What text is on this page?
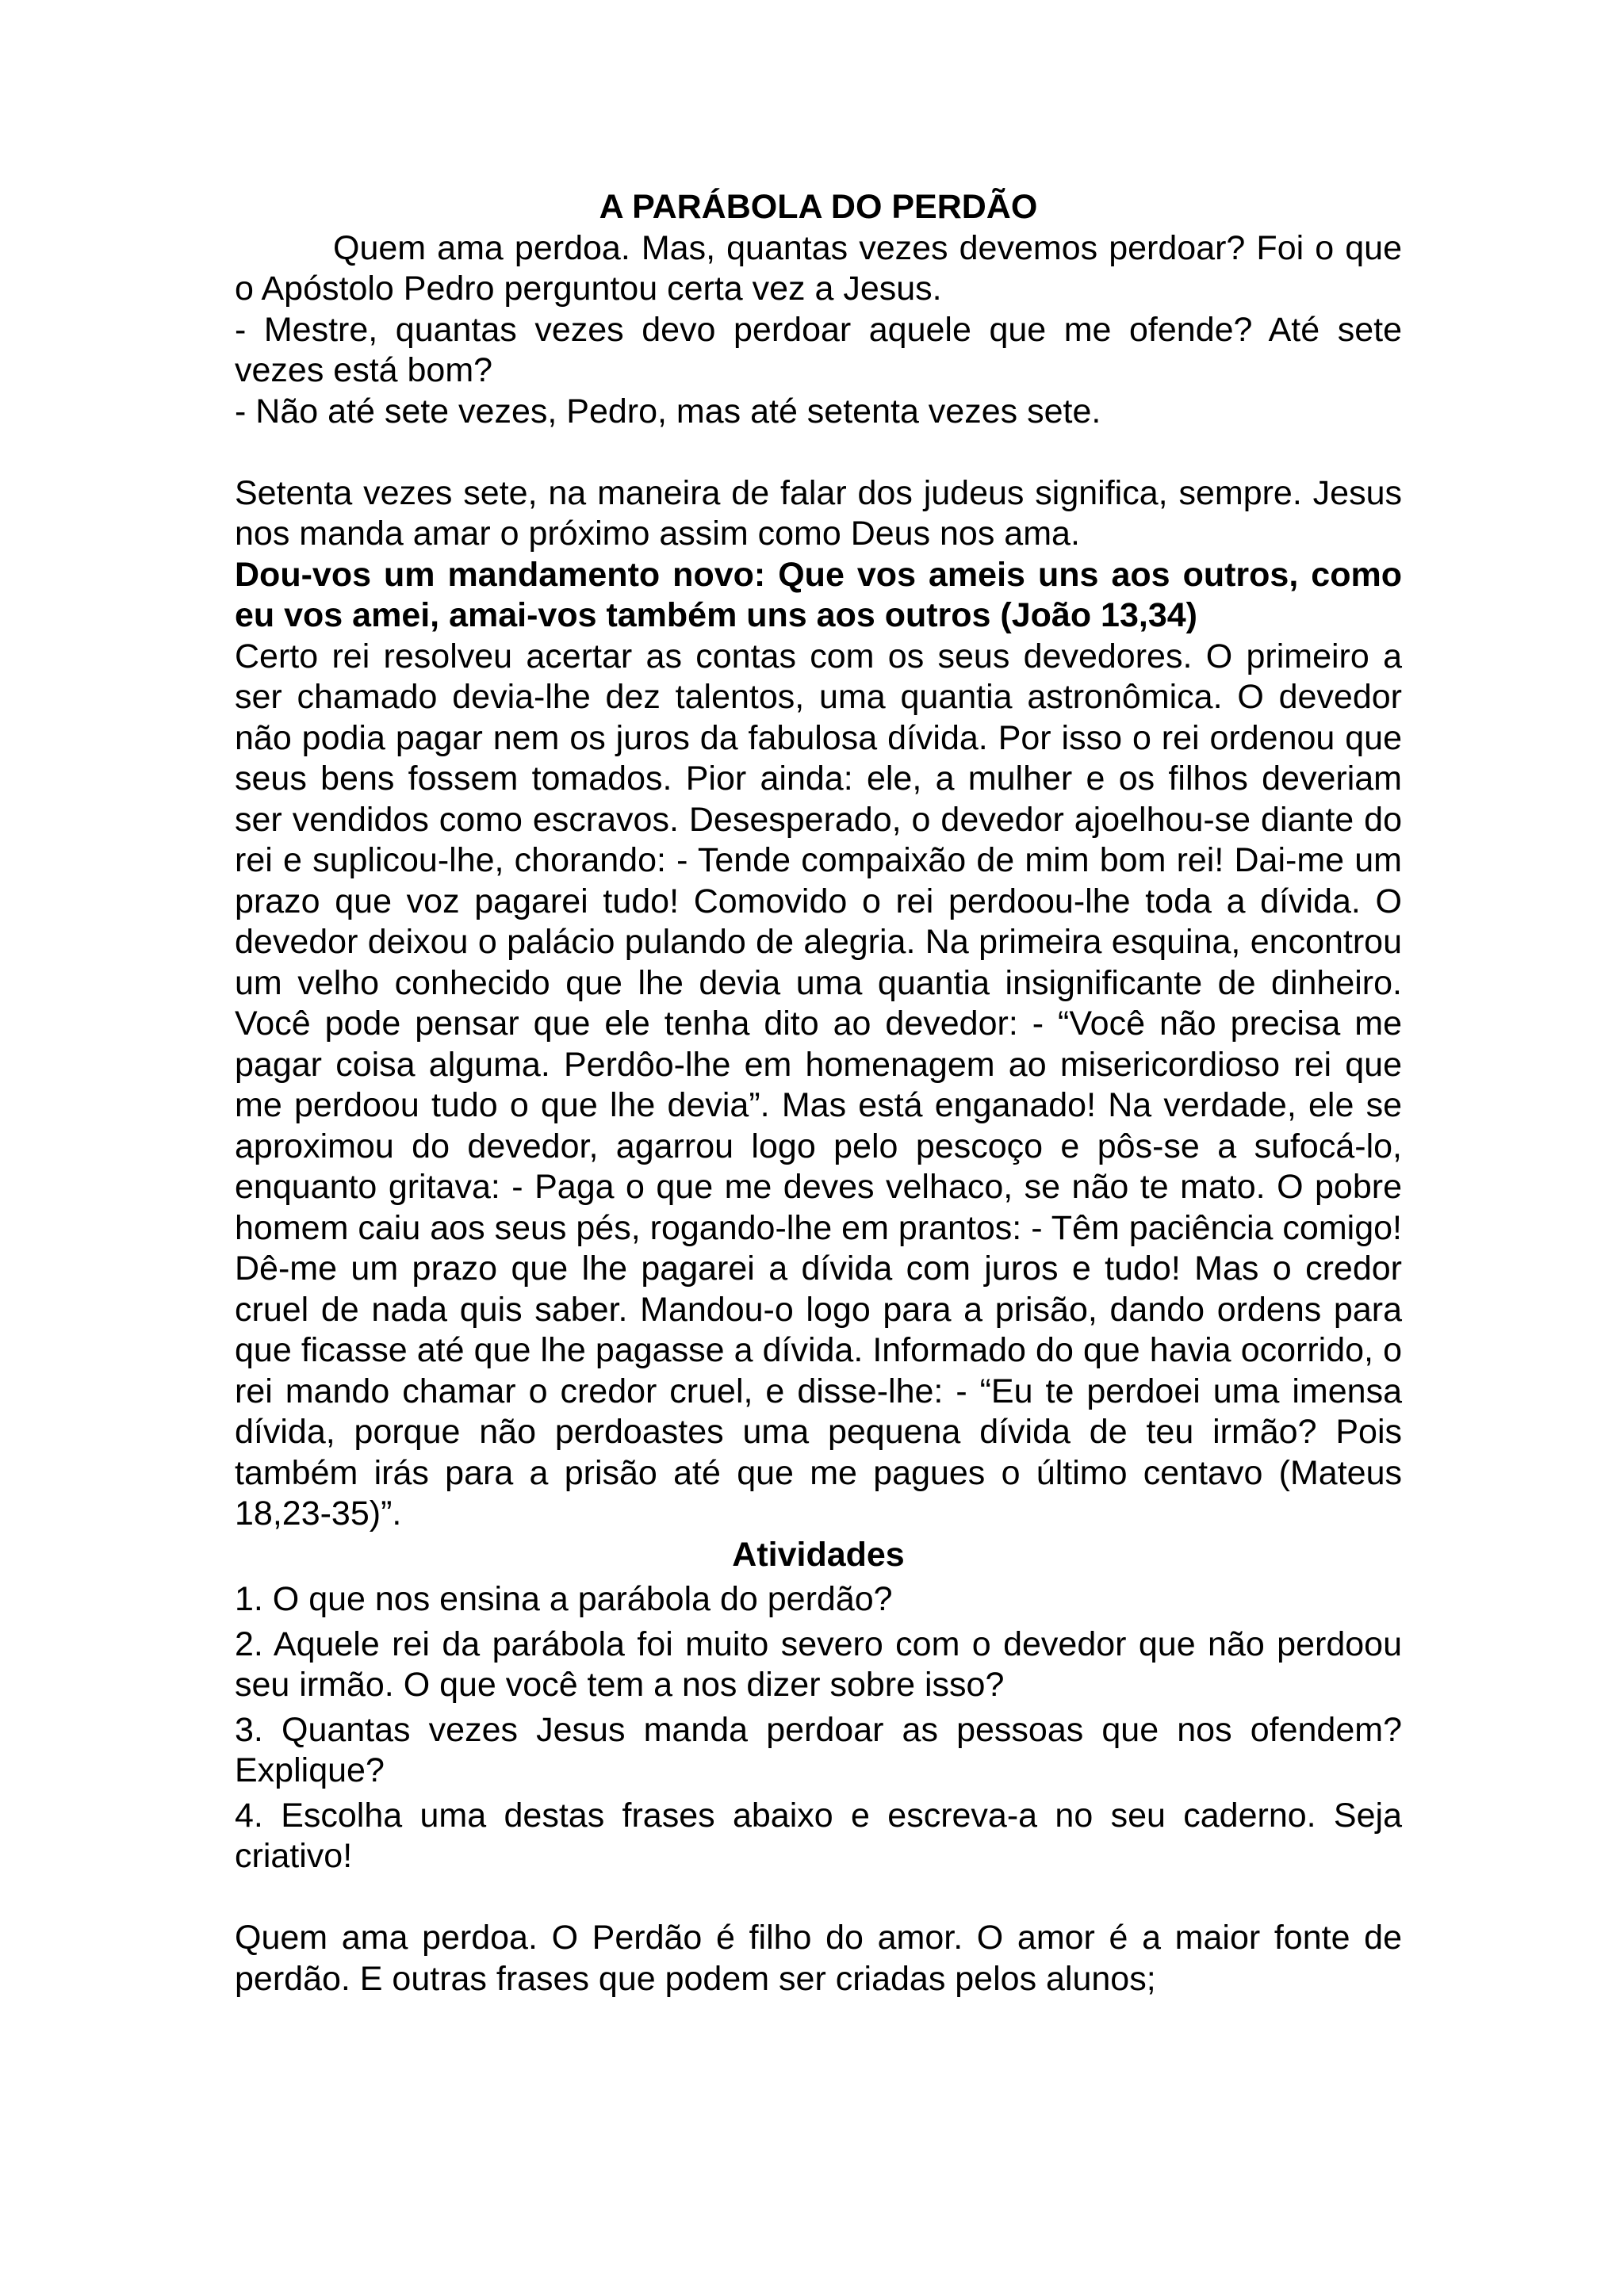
A PARÁBOLA DO PERDÃO

Quem ama perdoa. Mas, quantas vezes devemos perdoar? Foi o que o Apóstolo Pedro perguntou certa vez a Jesus.

- Mestre, quantas vezes devo perdoar aquele que me ofende? Até sete vezes está bom?

- Não até sete vezes, Pedro, mas até setenta vezes sete.

Setenta vezes sete, na maneira de falar dos judeus significa, sempre. Jesus nos manda amar o próximo assim como Deus nos ama.

Dou-vos um mandamento novo: Que vos ameis uns aos outros, como eu vos amei, amai-vos também uns aos outros (João 13,34)

Certo rei resolveu acertar as contas com os seus devedores. O primeiro a ser chamado devia-lhe dez talentos, uma quantia astronômica. O devedor não podia pagar nem os juros da fabulosa dívida. Por isso o rei ordenou que seus bens fossem tomados. Pior ainda: ele, a mulher e os filhos deveriam ser vendidos como escravos. Desesperado, o devedor ajoelhou-se diante do rei e suplicou-lhe, chorando: - Tende compaixão de mim bom rei! Dai-me um prazo que voz pagarei tudo! Comovido o rei perdoou-lhe toda a dívida. O devedor deixou o palácio pulando de alegria. Na primeira esquina, encontrou um velho conhecido que lhe devia uma quantia insignificante de dinheiro. Você pode pensar que ele tenha dito ao devedor: - “Você não precisa me pagar coisa alguma. Perdôo-lhe em homenagem ao misericordioso rei que me perdoou tudo o que lhe devia”. Mas está enganado! Na verdade, ele se aproximou do devedor, agarrou logo pelo pescoço e pôs-se a sufocá-lo, enquanto gritava: - Paga o que me deves velhaco, se não te mato. O pobre homem caiu aos seus pés, rogando-lhe em prantos: - Têm paciência comigo! Dê-me um prazo que lhe pagarei a dívida com juros e tudo! Mas o credor cruel de nada quis saber. Mandou-o logo para a prisão, dando ordens para que ficasse até que lhe pagasse a dívida. Informado do que havia ocorrido, o rei mando chamar o credor cruel, e disse-lhe: - “Eu te perdoei uma imensa dívida, porque não perdoastes uma pequena dívida de teu irmão? Pois também irás para a prisão até que me pagues o último centavo (Mateus 18,23-35)”.

Atividades

1. O que nos ensina a parábola do perdão?

2. Aquele rei da parábola foi muito severo com o devedor que não perdoou seu irmão. O que você tem a nos dizer sobre isso?

3. Quantas vezes Jesus manda perdoar as pessoas que nos ofendem? Explique?

4. Escolha uma destas frases abaixo e escreva-a no seu caderno. Seja criativo!

Quem ama perdoa. O Perdão é filho do amor. O amor é a maior fonte de perdão. E outras frases que podem ser criadas pelos alunos;
